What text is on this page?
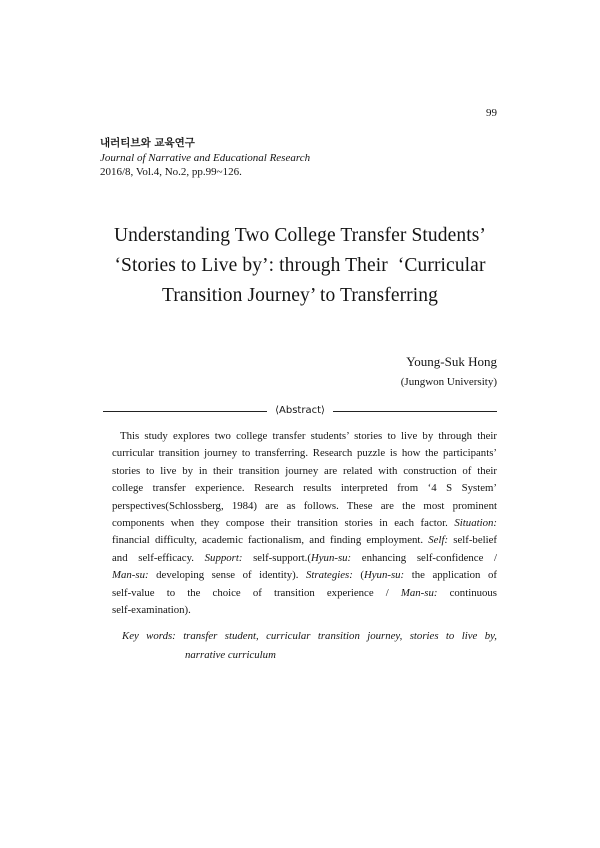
99
내러티브와 교육연구
Journal of Narrative and Educational Research
2016/8, Vol.4, No.2, pp.99~126.
Understanding Two College Transfer Students’
‘Stories to Live by’: through Their  ‘Curricular
Transition Journey’ to Transferring
Young-Suk Hong
(Jungwon University)
⟨Abstract⟩
This study explores two college transfer students’ stories to live by through their
curricular transition journey to transferring. Research puzzle is how the participants’
stories to live by in their transition journey are related with construction of their
college transfer experience. Research results interpreted from ‘4 S System’
perspectives(Schlossberg, 1984) are as follows. These are the most prominent
components when they compose their transition stories in each factor. Situation:
financial difficulty, academic factionalism, and finding employment. Self: self-belief
and self-efficacy. Support: self-support.(Hyun-su: enhancing self-confidence /
Man-su: developing sense of identity). Strategies: (Hyun-su: the application of
self-value to the choice of transition experience / Man-su: continuous
self-examination).
Key words: transfer student, curricular transition journey, stories to live by,
narrative curriculum
